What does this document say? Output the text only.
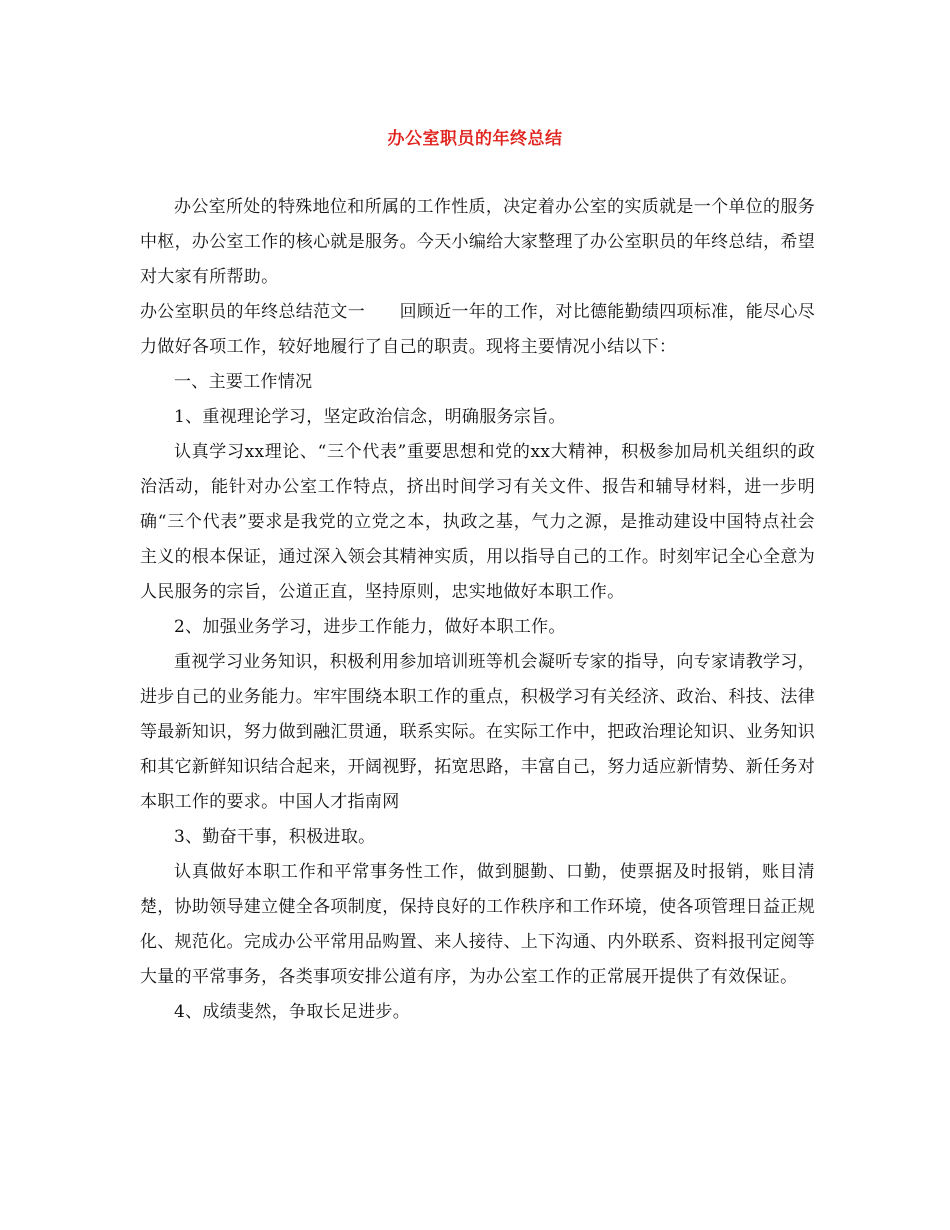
办公室职员的年终总结

办公室所处的特殊地位和所属的工作性质，决定着办公室的实质就是一个单位的服务中枢，办公室工作的核心就是服务。今天小编给大家整理了办公室职员的年终总结，希望对大家有所帮助。

办公室职员的年终总结范文一　　回顾近一年的工作，对比德能勤绩四项标准，能尽心尽力做好各项工作，较好地履行了自己的职责。现将主要情况小结以下：

一、主要工作情况

1、重视理论学习，坚定政治信念，明确服务宗旨。

认真学习xx理论、“三个代表”重要思想和党的xx大精神，积极参加局机关组织的政治活动，能针对办公室工作特点，挤出时间学习有关文件、报告和辅导材料，进一步明确“三个代表”要求是我党的立党之本，执政之基，气力之源，是推动建设中国特点社会主义的根本保证，通过深入领会其精神实质，用以指导自己的工作。时刻牢记全心全意为人民服务的宗旨，公道正直，坚持原则，忠实地做好本职工作。

2、加强业务学习，进步工作能力，做好本职工作。

重视学习业务知识，积极利用参加培训班等机会凝听专家的指导，向专家请教学习，进步自己的业务能力。牢牢围绕本职工作的重点，积极学习有关经济、政治、科技、法律等最新知识，努力做到融汇贯通，联系实际。在实际工作中，把政治理论知识、业务知识和其它新鲜知识结合起来，开阔视野，拓宽思路，丰富自己，努力适应新情势、新任务对本职工作的要求。中国人才指南网

3、勤奋干事，积极进取。

认真做好本职工作和平常事务性工作，做到腿勤、口勤，使票据及时报销，账目清楚，协助领导建立健全各项制度，保持良好的工作秩序和工作环境，使各项管理日益正规化、规范化。完成办公平常用品购置、来人接待、上下沟通、内外联系、资料报刊定阅等大量的平常事务，各类事项安排公道有序，为办公室工作的正常展开提供了有效保证。

4、成绩斐然，争取长足进步。
